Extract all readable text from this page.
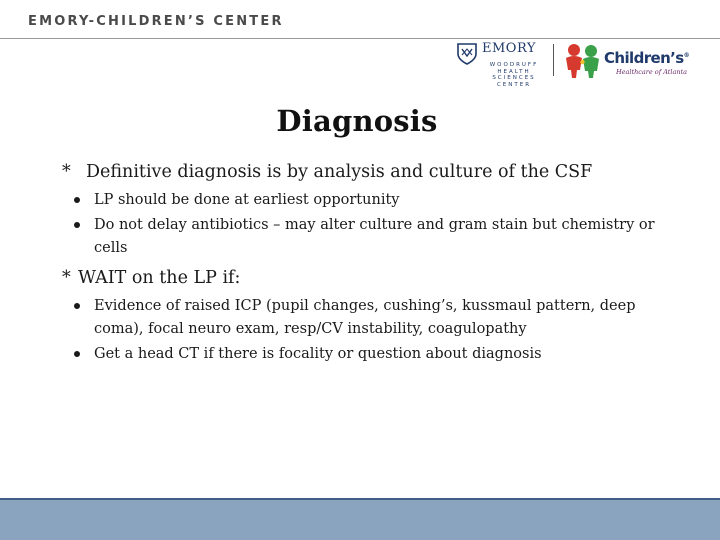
EMORY-CHILDREN’S CENTER
EMORY
WOODRUFF
HEALTH
SCIENCES
CENTER
Children’s®
Healthcare of Atlanta
Diagnosis
* Definitive diagnosis is by analysis and culture of the CSF
LP should be done at earliest opportunity
Do not delay antibiotics – may alter culture and gram stain but chemistry or cells
* WAIT on the LP if:
Evidence of raised ICP (pupil changes, cushing’s, kussmaul pattern, deep coma), focal neuro exam, resp/CV instability, coagulopathy
Get a head CT if there is focality or question about diagnosis
